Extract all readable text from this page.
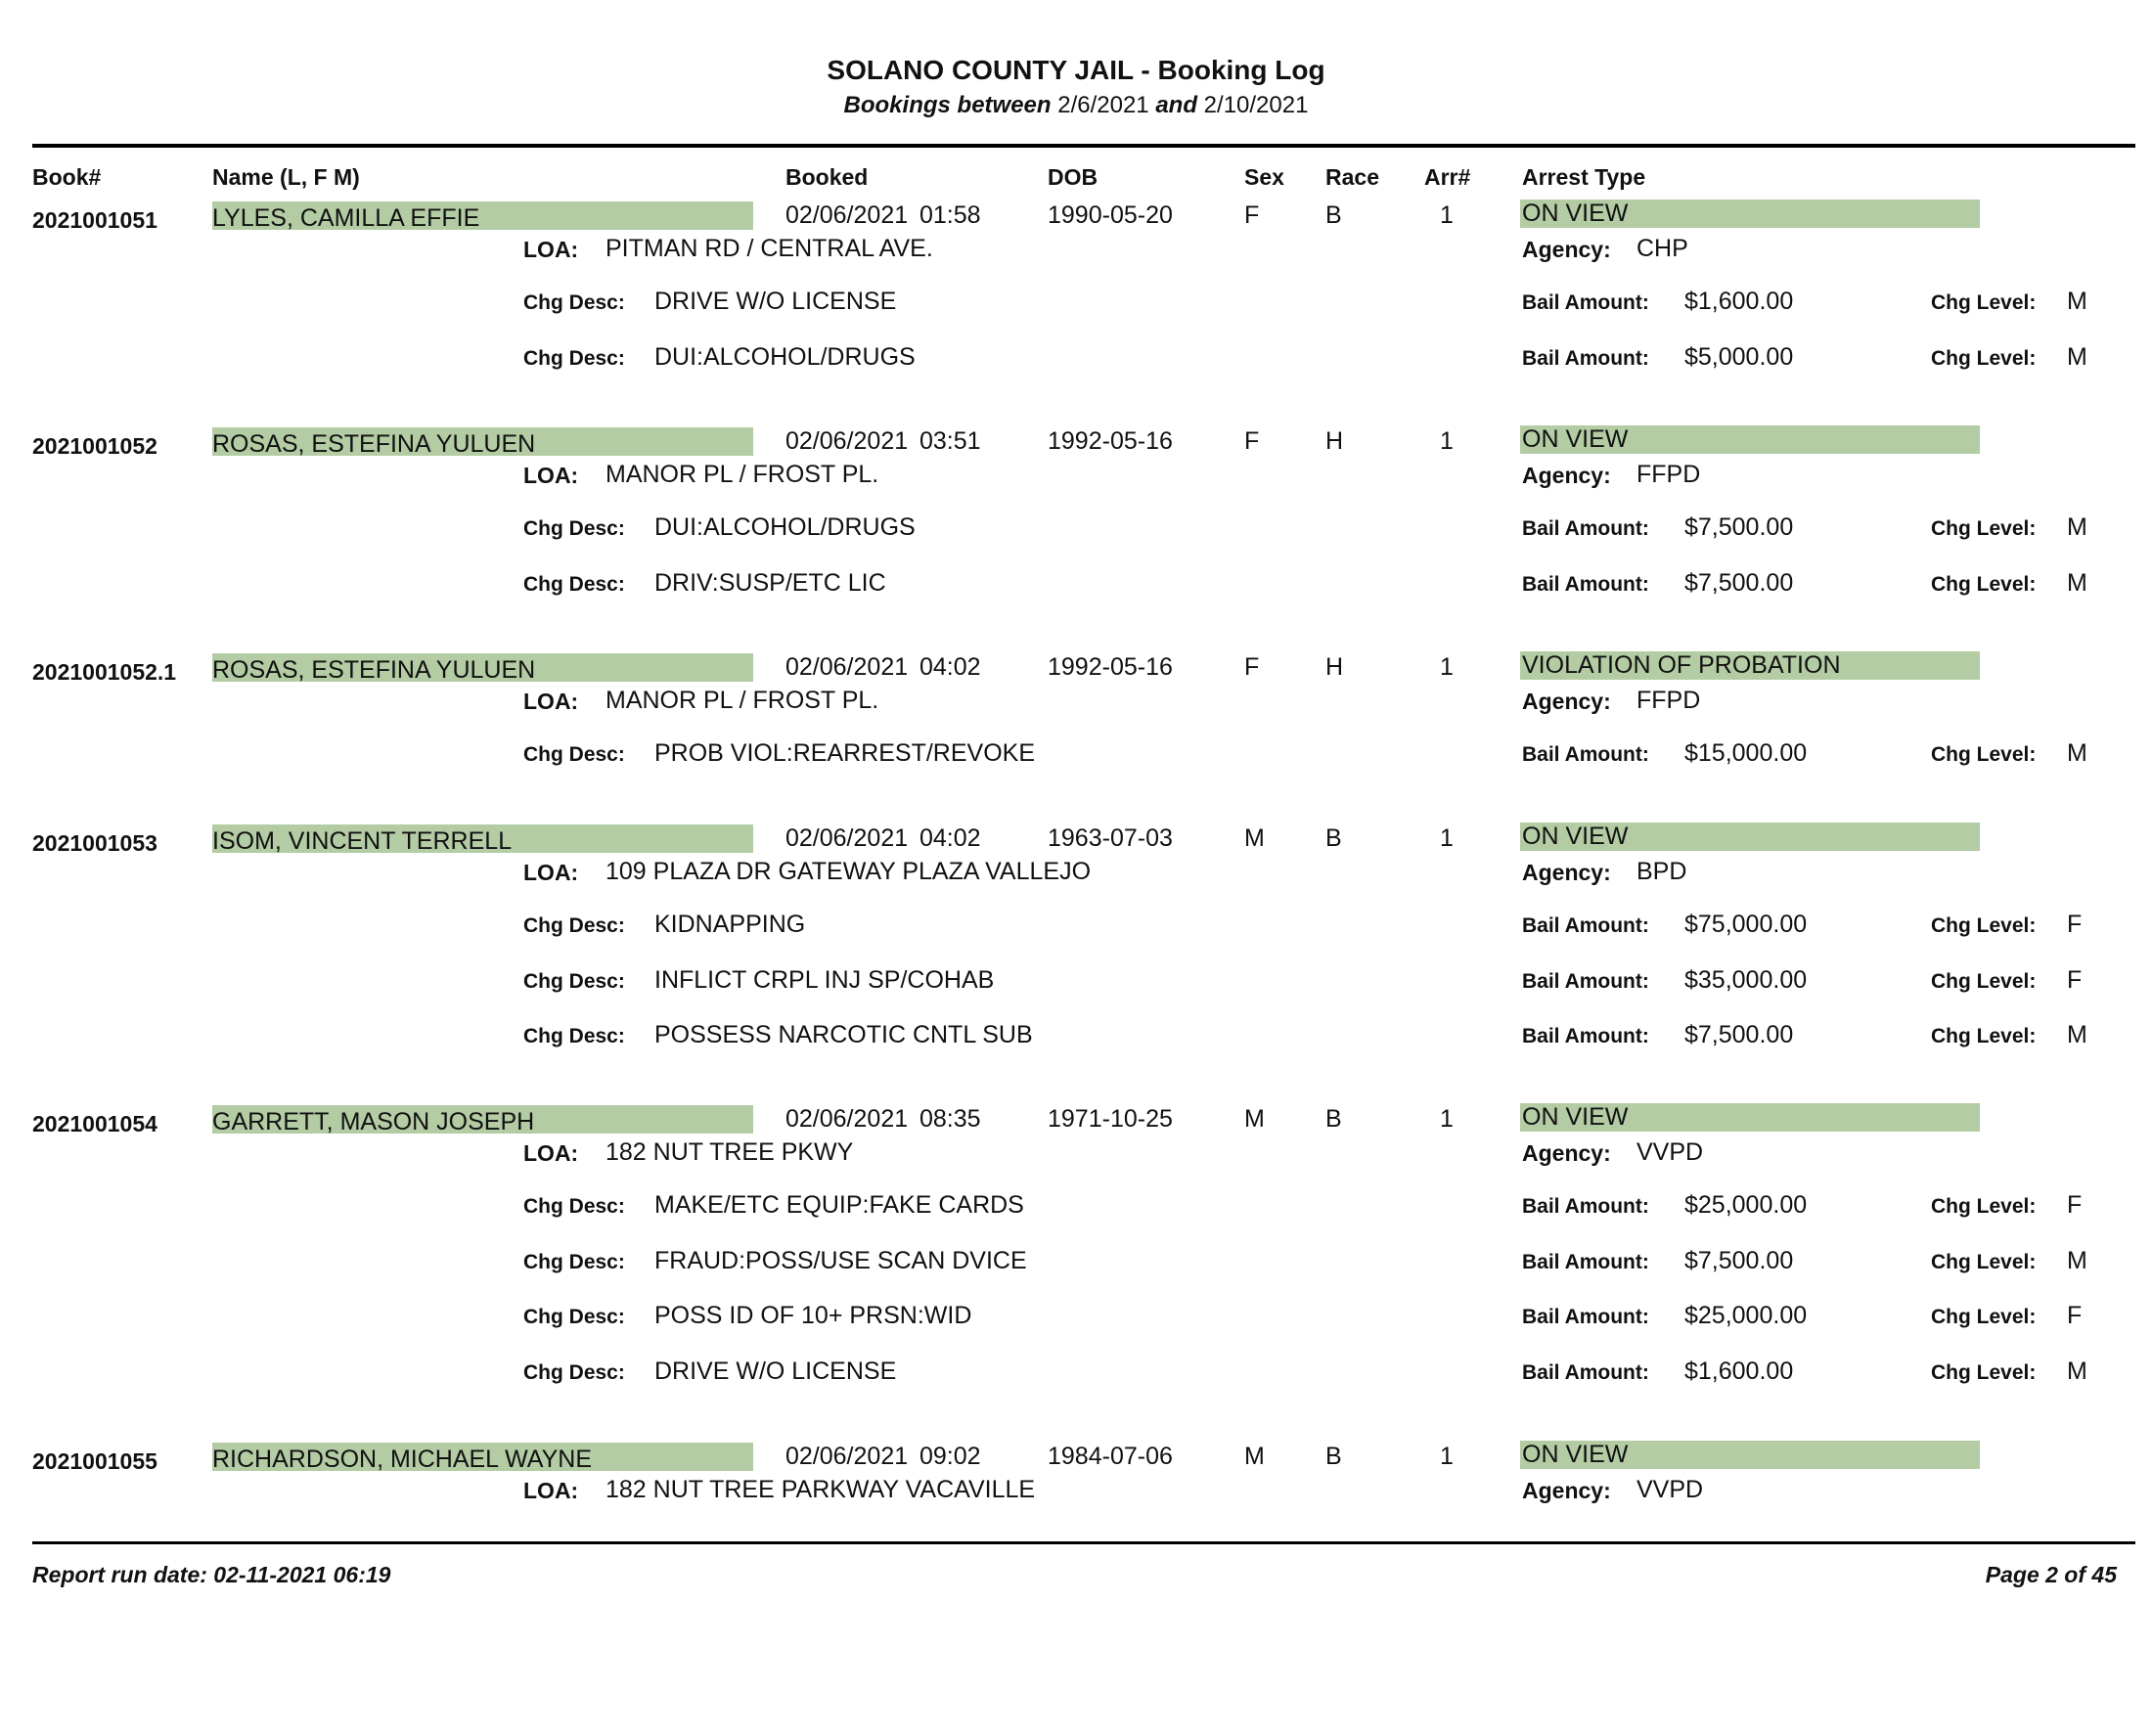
SOLANO COUNTY JAIL - Booking Log
Bookings between 2/6/2021 and 2/10/2021
Book#	Name (L, F M)	Booked	DOB	Sex Race Arr# Arrest Type
2021001051 LYLES, CAMILLA EFFIE	02/06/2021 01:58	1990-05-20	F	B	1	ON VIEW
LOA: PITMAN RD / CENTRAL AVE.	Agency: CHP
Chg Desc: DRIVE W/O LICENSE	Bail Amount: $1,600.00	Chg Level: M
Chg Desc: DUI:ALCOHOL/DRUGS	Bail Amount: $5,000.00	Chg Level: M
2021001052 ROSAS, ESTEFINA YULUEN	02/06/2021 03:51	1992-05-16	F	H	1	ON VIEW
LOA: MANOR PL / FROST PL.	Agency: FFPD
Chg Desc: DUI:ALCOHOL/DRUGS	Bail Amount: $7,500.00	Chg Level: M
Chg Desc: DRIV:SUSP/ETC LIC	Bail Amount: $7,500.00	Chg Level: M
2021001052.1 ROSAS, ESTEFINA YULUEN	02/06/2021 04:02	1992-05-16	F	H	1	VIOLATION OF PROBATION
LOA: MANOR PL / FROST PL.	Agency: FFPD
Chg Desc: PROB VIOL:REARREST/REVOKE	Bail Amount: $15,000.00	Chg Level: M
2021001053 ISOM, VINCENT TERRELL	02/06/2021 04:02	1963-07-03	M B	1	ON VIEW
LOA: 109 PLAZA DR GATEWAY PLAZA VALLEJO	Agency: BPD
Chg Desc: KIDNAPPING	Bail Amount: $75,000.00	Chg Level: F
Chg Desc: INFLICT CRPL INJ SP/COHAB	Bail Amount: $35,000.00	Chg Level: F
Chg Desc: POSSESS NARCOTIC CNTL SUB	Bail Amount: $7,500.00	Chg Level: M
2021001054 GARRETT, MASON JOSEPH	02/06/2021 08:35	1971-10-25	M B	1	ON VIEW
LOA: 182 NUT TREE PKWY	Agency: VVPD
Chg Desc: MAKE/ETC EQUIP:FAKE CARDS	Bail Amount: $25,000.00	Chg Level: F
Chg Desc: FRAUD:POSS/USE SCAN DVICE	Bail Amount: $7,500.00	Chg Level: M
Chg Desc: POSS ID OF 10+ PRSN:WID	Bail Amount: $25,000.00	Chg Level: F
Chg Desc: DRIVE W/O LICENSE	Bail Amount: $1,600.00	Chg Level: M
2021001055 RICHARDSON, MICHAEL WAYNE	02/06/2021 09:02	1984-07-06	M B	1	ON VIEW
LOA: 182 NUT TREE PARKWAY VACAVILLE	Agency: VVPD
Report run date: 02-11-2021 06:19	Page 2 of 45
